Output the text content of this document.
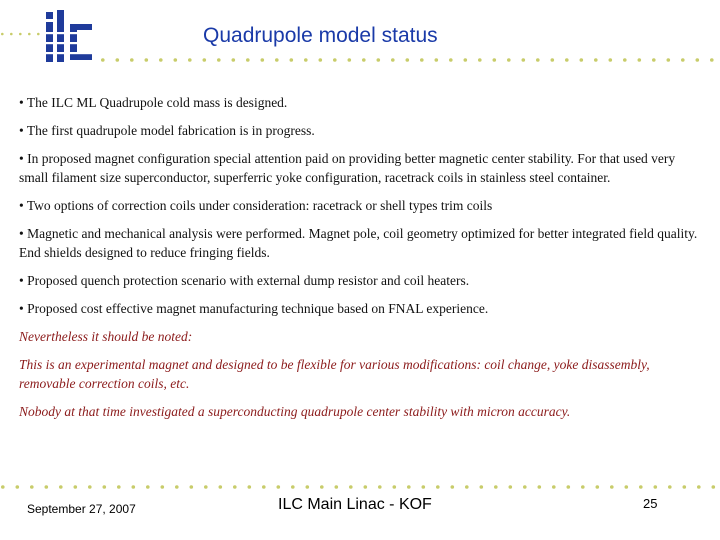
Quadrupole model status

• The ILC ML Quadrupole cold mass is designed.

• The first quadrupole model fabrication is in progress.

• In proposed magnet configuration special attention paid on providing better magnetic center stability. For that used very small filament size superconductor, superferric yoke configuration, racetrack coils in stainless steel container.

• Two options of correction coils under consideration: racetrack or shell types trim coils

• Magnetic and mechanical analysis were performed. Magnet pole, coil geometry optimized for better integrated field quality. End shields designed to reduce fringing fields.

• Proposed quench protection scenario with external dump resistor and coil heaters.

• Proposed cost effective magnet manufacturing technique based on FNAL experience.

Nevertheless it should be noted:

This is an experimental magnet and designed to be flexible for various modifications: coil change, yoke disassembly, removable correction coils, etc.

Nobody at that time investigated a superconducting quadrupole center stability with micron accuracy.

September 27, 2007	ILC Main Linac - KOF	25
